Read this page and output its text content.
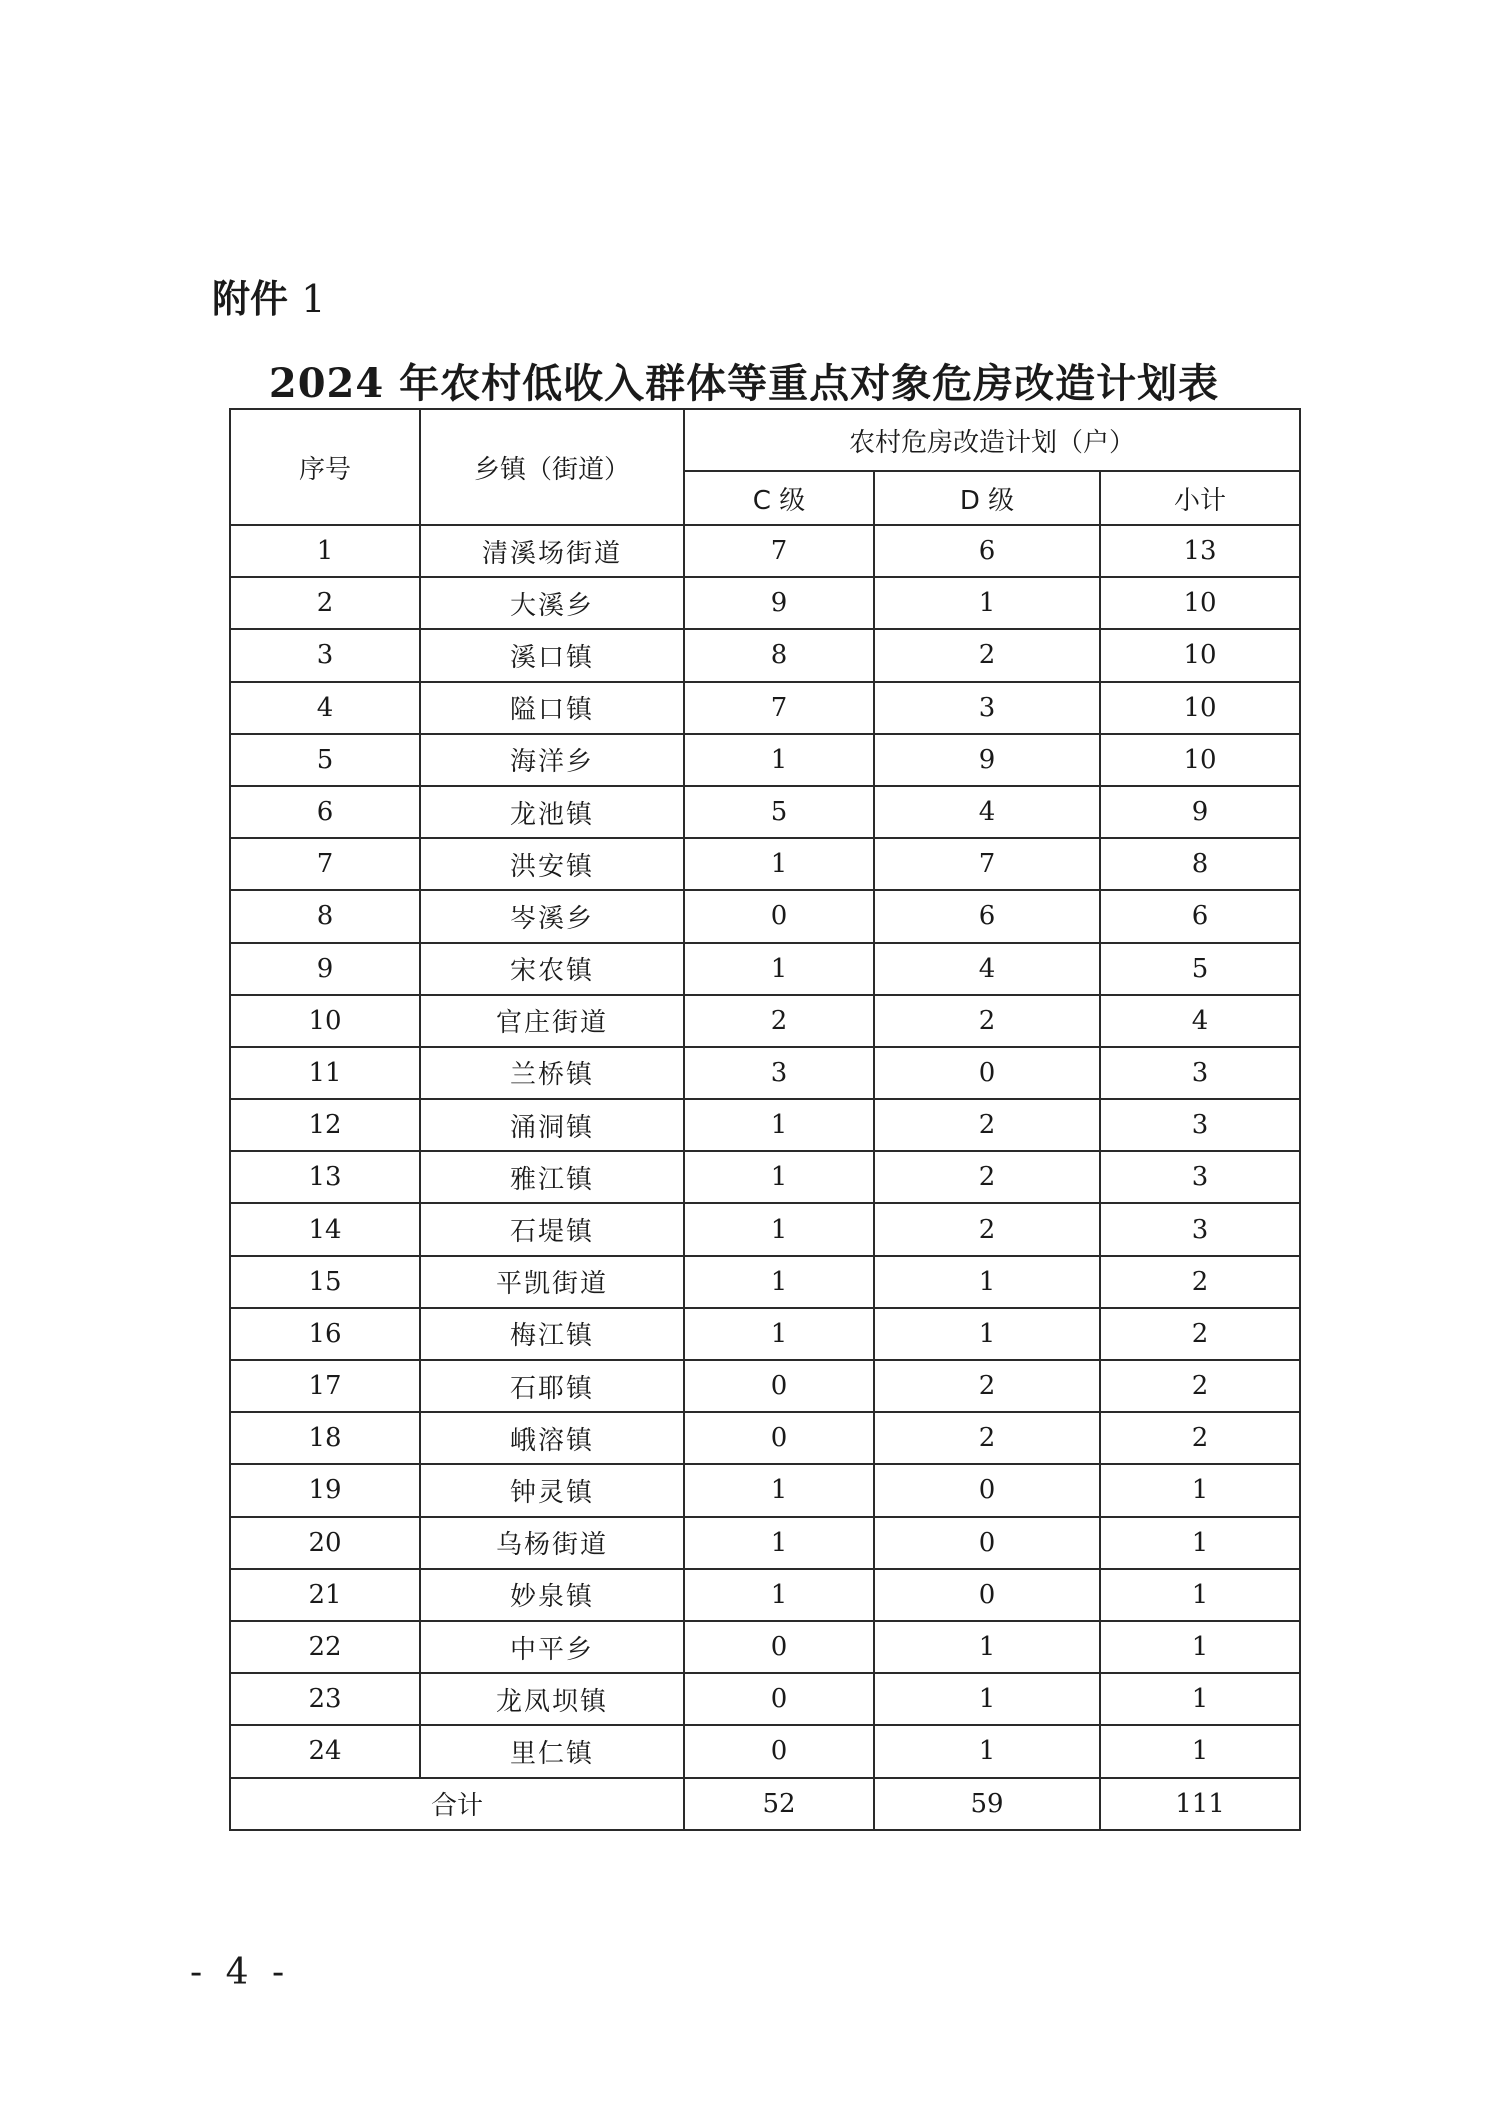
附件 1
2024 年农村低收入群体等重点对象危房改造计划表
序号	乡镇（街道）	农村危房改造计划（户）		
		C 级	D 级	小计
1	清溪场街道	7	6	13
2	大溪乡	9	1	10
3	溪口镇	8	2	10
4	隘口镇	7	3	10
5	海洋乡	1	9	10
6	龙池镇	5	4	9
7	洪安镇	1	7	8
8	岑溪乡	0	6	6
9	宋农镇	1	4	5
10	官庄街道	2	2	4
11	兰桥镇	3	0	3
12	涌洞镇	1	2	3
13	雅江镇	1	2	3
14	石堤镇	1	2	3
15	平凯街道	1	1	2
16	梅江镇	1	1	2
17	石耶镇	0	2	2
18	峨溶镇	0	2	2
19	钟灵镇	1	0	1
20	乌杨街道	1	0	1
21	妙泉镇	1	0	1
22	中平乡	0	1	1
23	龙凤坝镇	0	1	1
24	里仁镇	0	1	1
合计		52	59	111
- 4 -
